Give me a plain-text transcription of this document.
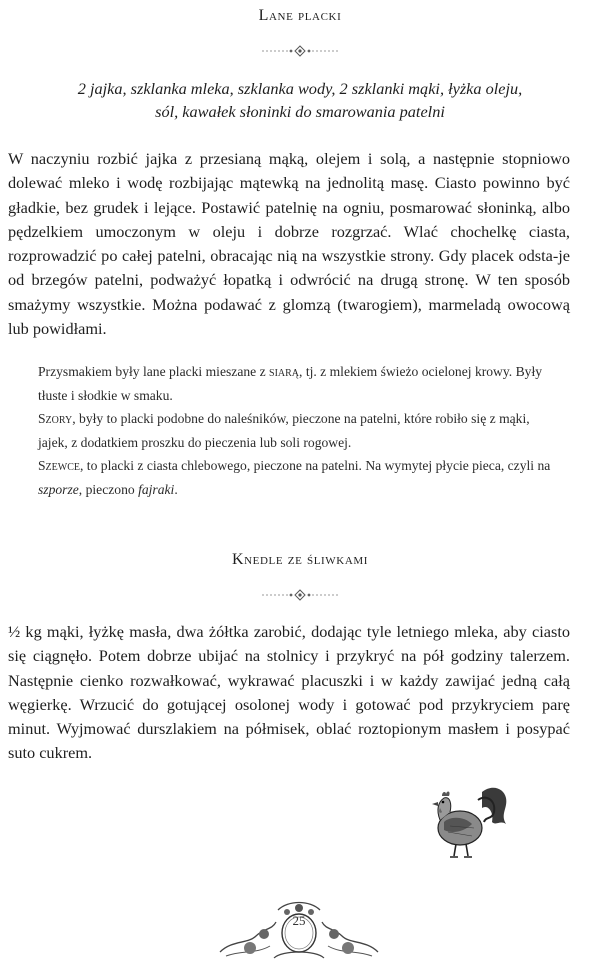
Lane placki

2 jajka, szklanka mleka, szklanka wody, 2 szklanki mąki, łyżka oleju,
sól, kawałek słoninki do smarowania patelni

W naczyniu rozbić jajka z przesianą mąką, olejem i solą, a następnie stopniowo dolewać mleko i wodę rozbijając mątewką na jednolitą masę. Ciasto powinno być gładkie, bez grudek i lejące. Postawić patelnię na ogniu, posmarować słoninką, albo pędzelkiem umoczonym w oleju i dobrze rozgrzać. Wlać chochelkę ciasta, rozprowadzić po całej patelni, obracając nią na wszystkie strony. Gdy placek odsta-je od brzegów patelni, podważyć łopatką i odwrócić na drugą stronę. W ten sposób smażymy wszystkie. Można podawać z glomzą (twarogiem), marmeladą owocową lub powidłami.

Przysmakiem były lane placki mieszane z siarą, tj. z mlekiem świeżo ocielonej krowy. Były tłuste i słodkie w smaku.

Szory, były to placki podobne do naleśników, pieczone na patelni, które robiło się z mąki, jajek, z dodatkiem proszku do pieczenia lub soli rogowej.

Szewce, to placki z ciasta chlebowego, pieczone na patelni. Na wymytej płycie pieca, czyli na szporze, pieczono fajraki.

Knedle ze śliwkami

½ kg mąki, łyżkę masła, dwa żółtka zarobić, dodając tyle letniego mleka, aby ciasto się ciągnęło. Potem dobrze ubijać na stolnicy i przykryć na pół godziny talerzem. Następnie cienko rozwałkować, wykrawać placuszki i w każdy zawijać jedną całą węgierkę. Wrzucić do gotującej osolonej wody i gotować pod przykryciem parę minut. Wyjmować durszlakiem na półmisek, oblać roztopionym masłem i posypać suto cukrem.

25
